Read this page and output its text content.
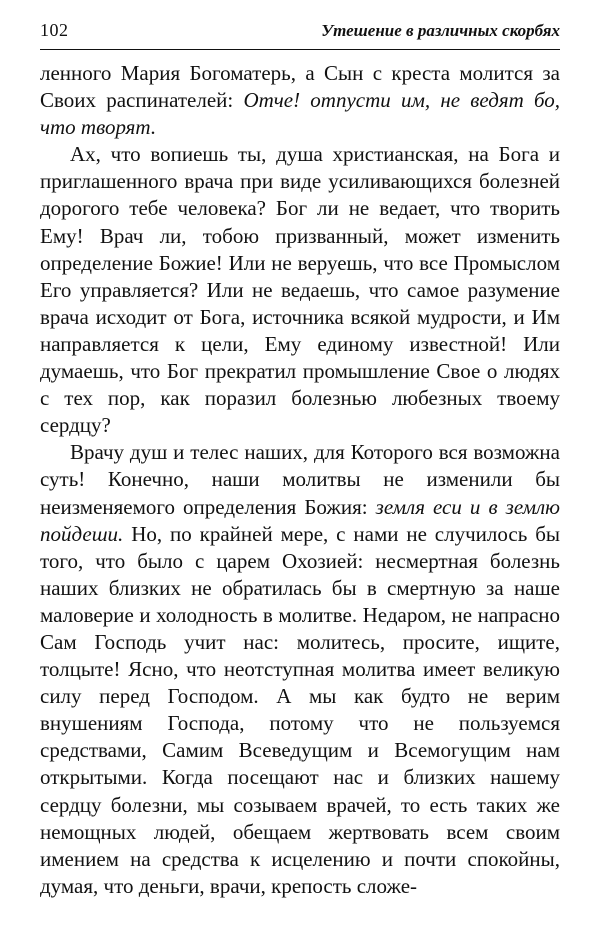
102	Утешение в различных скорбях

ленного Мария Богоматерь, а Сын с креста молится за Своих распинателей: Отче! отпусти им, не ведят бо, что творят.

Ах, что вопиешь ты, душа христианская, на Бога и приглашенного врача при виде усиливающихся болезней дорогого тебе человека? Бог ли не ведает, что творить Ему! Врач ли, тобою призванный, может изменить определение Божие! Или не веруешь, что все Промыслом Его управляется? Или не ведаешь, что самое разумение врача исходит от Бога, источника всякой мудрости, и Им направляется к цели, Ему единому известной! Или думаешь, что Бог прекратил промышление Свое о людях с тех пор, как поразил болезнью любезных твоему сердцу?

Врачу душ и телес наших, для Которого вся возможна суть! Конечно, наши молитвы не изменили бы неизменяемого определения Божия: земля еси и в землю пойдеши. Но, по крайней мере, с нами не случилось бы того, что было с царем Охозией: несмертная болезнь наших близких не обратилась бы в смертную за наше маловерие и холодность в молитве. Недаром, не напрасно Сам Господь учит нас: молитесь, просите, ищите, толцыте! Ясно, что неотступная молитва имеет великую силу перед Господом. А мы как будто не верим внушениям Господа, потому что не пользуемся средствами, Самим Всеведущим и Всемогущим нам открытыми. Когда посещают нас и близких нашему сердцу болезни, мы созываем врачей, то есть таких же немощных людей, обещаем жертвовать всем своим имением на средства к исцелению и почти спокойны, думая, что деньги, врачи, крепость сложе-
